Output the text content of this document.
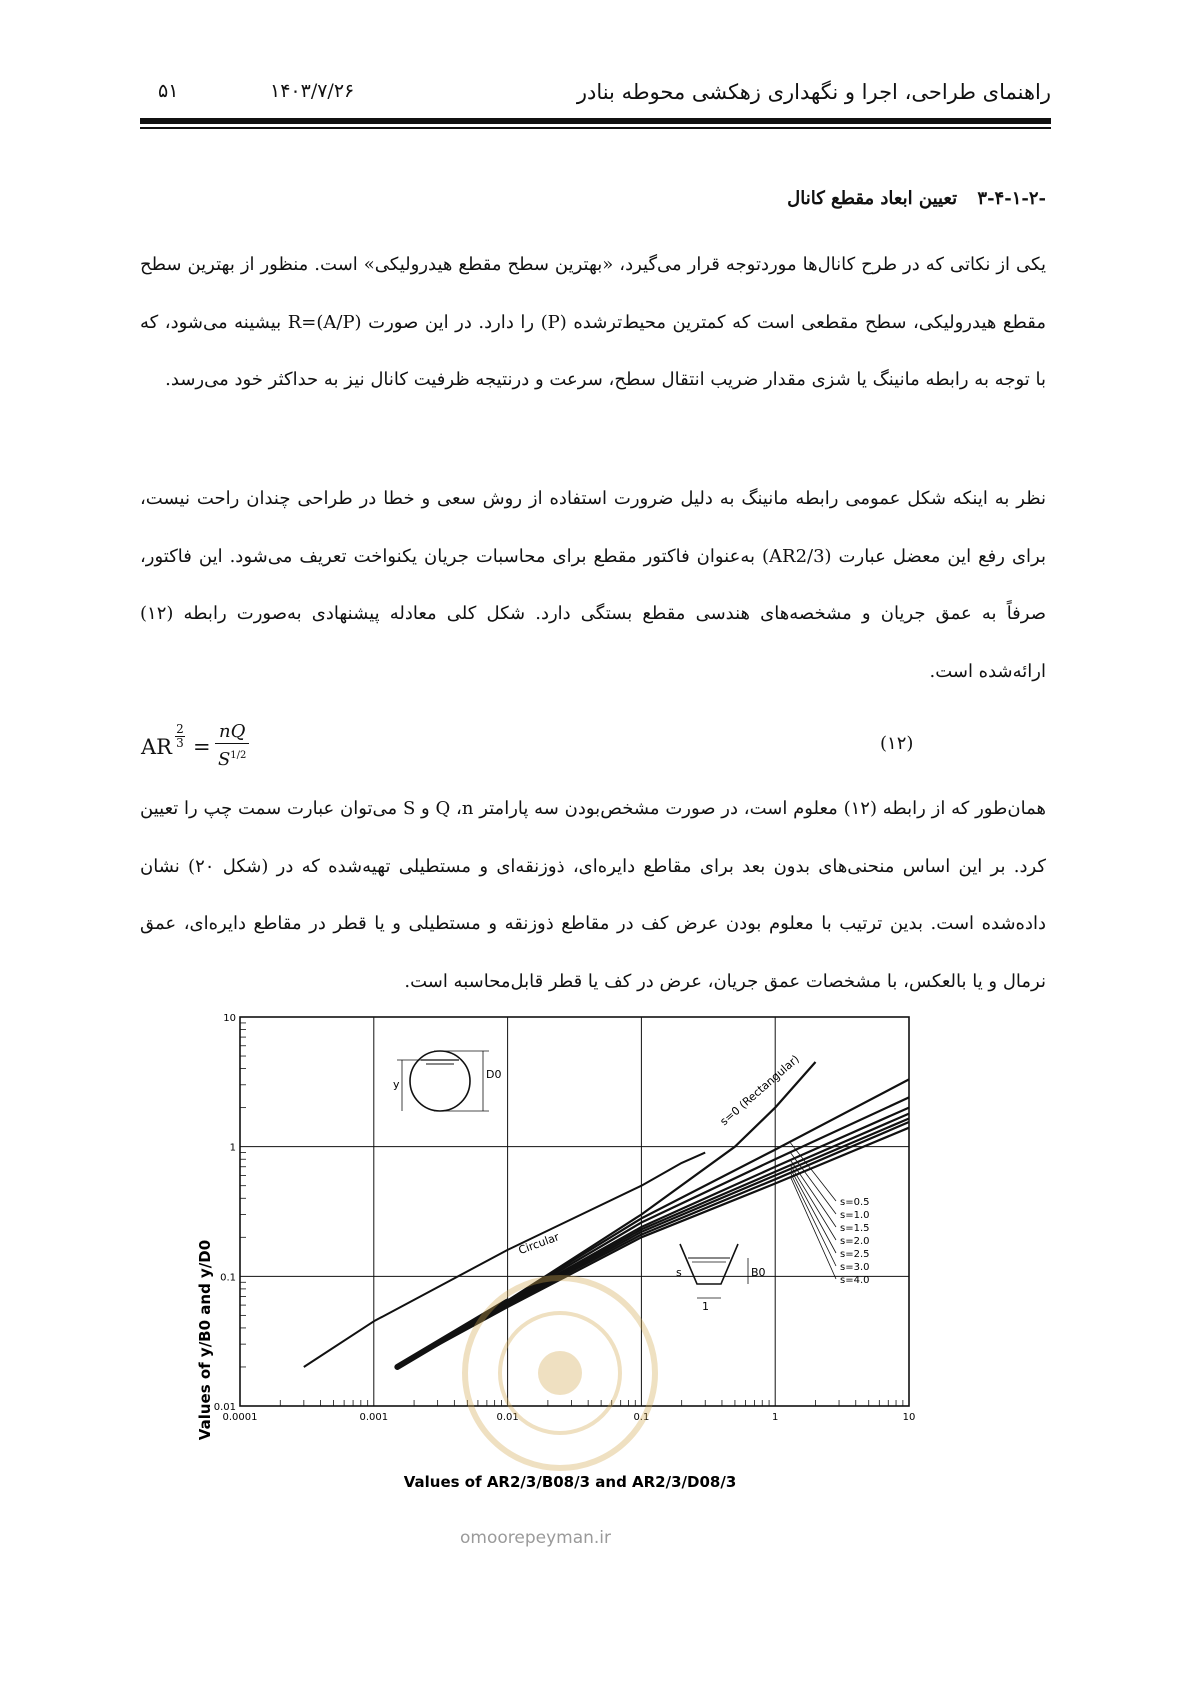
راهنمای طراحی، اجرا و نگهداری زهکشی محوطه بنادر
۱۴۰۳/۷/۲۶
۵۱
-۳-۴-۱-۲ تعیین ابعاد مقطع کانال
یکی از نکاتی که در طرح کانال‌ها موردتوجه قرار می‌گیرد، «بهترین سطح مقطع هیدرولیکی» است. منظور از بهترین سطح مقطع هیدرولیکی، سطح مقطعی است که کمترین محیط‌ترشده (P) را دارد. در این صورت R=(A/P) بیشینه می‌شود، که با توجه به رابطه مانینگ یا شزی مقدار ضریب انتقال سطح، سرعت و درنتیجه ظرفیت کانال نیز به حداکثر خود می‌رسد.
نظر به اینکه شکل عمومی رابطه مانینگ به دلیل ضرورت استفاده از روش سعی و خطا در طراحی چندان راحت نیست، برای رفع این معضل عبارت (AR2/3) به‌عنوان فاکتور مقطع برای محاسبات جریان یکنواخت تعریف می‌شود. این فاکتور، صرفاً به عمق جریان و مشخصه‌های هندسی مقطع بستگی دارد. شکل کلی معادله پیشنهادی به‌صورت رابطه (۱۲) ارائه‌شده است.
AR
2
$3 = \frac{nQ}{S^{1/2}}$	(۱۲)
همان‌طور که از رابطه (۱۲) معلوم است، در صورت مشخص‌بودن سه پارامتر Q ،n و S می‌توان عبارت سمت چپ را تعیین کرد. بر این اساس منحنی‌های بدون بعد برای مقاطع دایره‌ای، ذوزنقه‌ای و مستطیلی تهیه‌شده که در (شکل ۲۰) نشان داده‌شده است. بدین ترتیب با معلوم بودن عرض کف در مقاطع ذوزنقه و مستطیلی و یا قطر در مقاطع دایره‌ای، عمق نرمال و یا بالعکس، با مشخصات عمق جریان، عرض در کف یا قطر قابل‌محاسبه است.
0.0001	0.001	0.01	0.1	1	10
0.01
0.1
1
10
Values of y/B0 and y/D0
Values of AR2/3/B08/3 and AR2/3/D08/3
Circular
s=0 (Rectangular)
D0
y
B0
1
s
s=0.5
s=1.0
s=1.5
s=2.0
s=2.5
s=3.0
s=4.0
omoorepeyman.ir
